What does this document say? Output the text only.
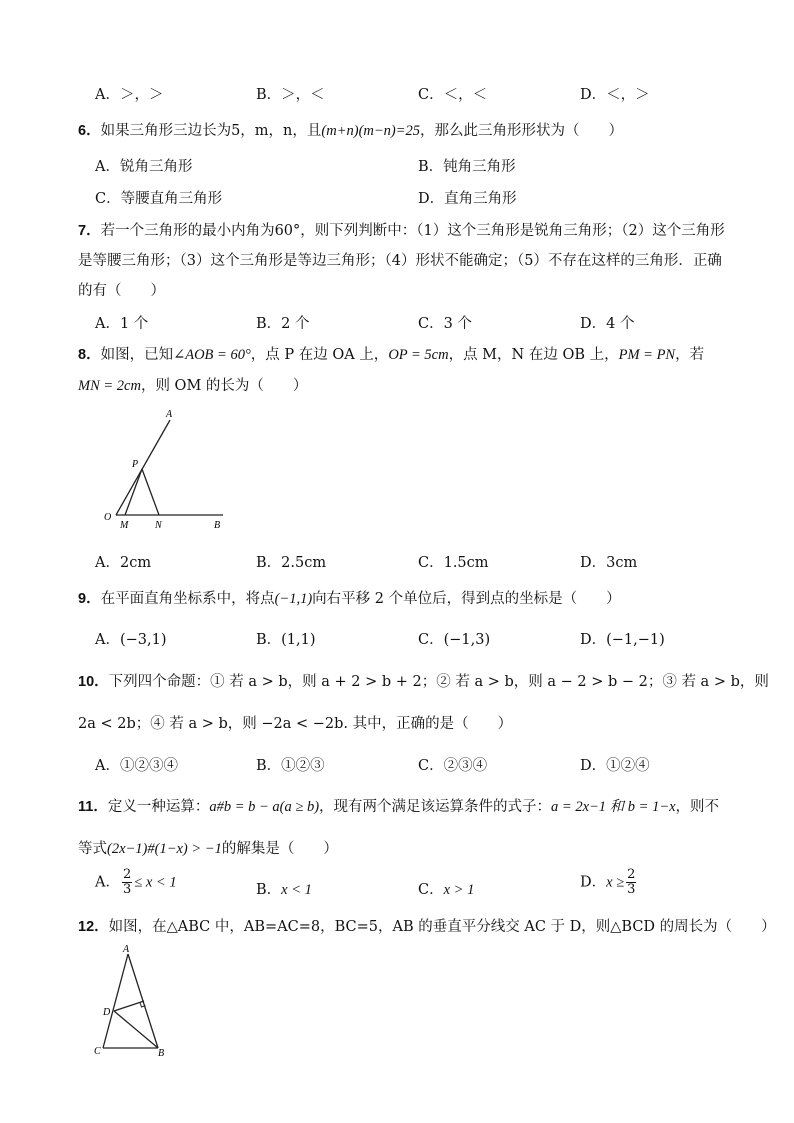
A．＞，＞	B．＞，＜	C．＜，＜	D．＜，＞
6．如果三角形三边长为5，m，n，且(m+n)(m−n)=25，那么此三角形形状为（　　）
A．锐角三角形	B．钝角三角形
C．等腰直角三角形	D．直角三角形
7．若一个三角形的最小内角为60°，则下列判断中：（1）这个三角形是锐角三角形；（2）这个三角形
是等腰三角形；（3）这个三角形是等边三角形；（4）形状不能确定；（5）不存在这样的三角形．正确
的有（　　）
A．1 个	B．2 个	C．3 个	D．4 个
8．如图，已知∠AOB = 60°，点 P 在边 OA 上，OP = 5cm，点 M，N 在边 OB 上，PM = PN，若
MN = 2cm，则 OM 的长为（　　）
A
P
O
M	N	B
A．2cm	B．2.5cm	C．1.5cm	D．3cm
9．在平面直角坐标系中，将点(−1,1)向右平移 2 个单位后，得到点的坐标是（　　）
A．(−3,1)	B．(1,1)	C．(−1,3)	D．(−1,−1)
10．下列四个命题：① 若 a > b，则 a + 2 > b + 2；② 若 a > b，则 a − 2 > b − 2；③ 若 a > b，则
2a < 2b；④ 若 a > b，则 −2a < −2b. 其中，正确的是（　　）
A．①②③④	B．①②③	C．②③④	D．①②④
11．定义一种运算：a#b = b − a(a ≥ b)，现有两个满足该运算条件的式子：a = 2x−1 和 b = 1−x，则不
等式(2x−1)#(1−x) > −1的解集是（　　）
A． $\frac{2}{3} \le x < 1$	B．x < 1	C．x > 1	D．$x \ge \frac{2}{3}$
12．如图，在△ABC 中，AB=AC=8，BC=5，AB 的垂直平分线交 AC 于 D，则△BCD 的周长为（　　）
A
D
C	B
